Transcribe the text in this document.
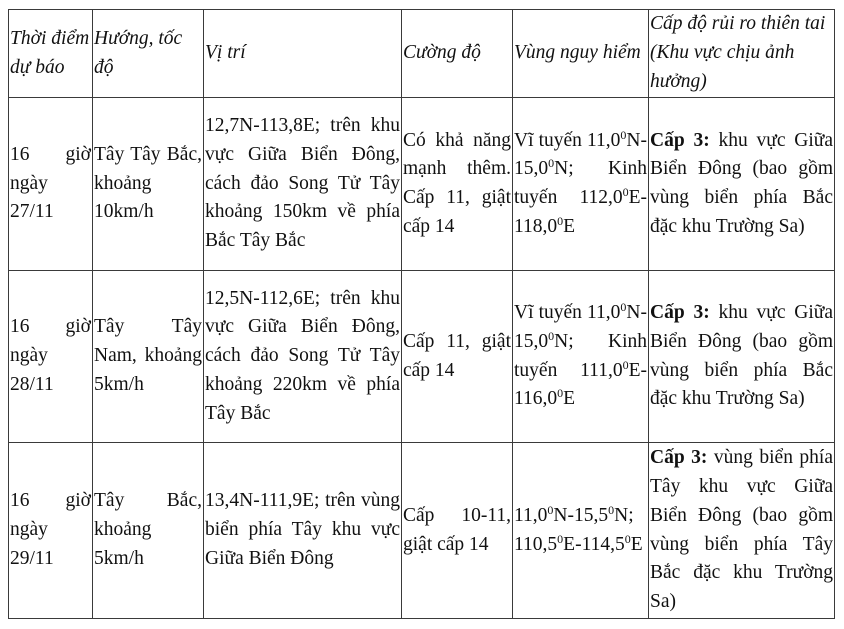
Thời điểm dự báo	Hướng, tốc độ	Vị trí	Cường độ	Vùng nguy hiểm	Cấp độ rủi ro thiên tai (Khu vực chịu ảnh hưởng)
16 giờ ngày 27/11	Tây Tây Bắc, khoảng 10km/h	12,7N-113,8E; trên khu vực Giữa Biển Đông, cách đảo Song Tử Tây khoảng 150km về phía Bắc Tây Bắc	Có khả năng mạnh thêm. Cấp 11, giật cấp 14	Vĩ tuyến 11,0$^0$N-15,0$^0$N; Kinh tuyến 112,0$^0$E-118,0$^0$E	Cấp 3: khu vực Giữa Biển Đông (bao gồm vùng biển phía Bắc đặc khu Trường Sa)
16 giờ ngày 28/11	Tây Tây Nam, khoảng 5km/h	12,5N-112,6E; trên khu vực Giữa Biển Đông, cách đảo Song Tử Tây khoảng 220km về phía Tây Bắc	Cấp 11, giật cấp 14	Vĩ tuyến 11,0$^0$N-15,0$^0$N; Kinh tuyến 111,0$^0$E-116,0$^0$E	Cấp 3: khu vực Giữa Biển Đông (bao gồm vùng biển phía Bắc đặc khu Trường Sa)
16 giờ ngày 29/11	Tây Bắc, khoảng 5km/h	13,4N-111,9E; trên vùng biển phía Tây khu vực Giữa Biển Đông	Cấp 10-11, giật cấp 14	11,0$^0$N-15,5$^0$N; 110,5$^0$E-114,5$^0$E	Cấp 3: vùng biển phía Tây khu vực Giữa Biển Đông (bao gồm vùng biển phía Tây Bắc đặc khu Trường Sa)
